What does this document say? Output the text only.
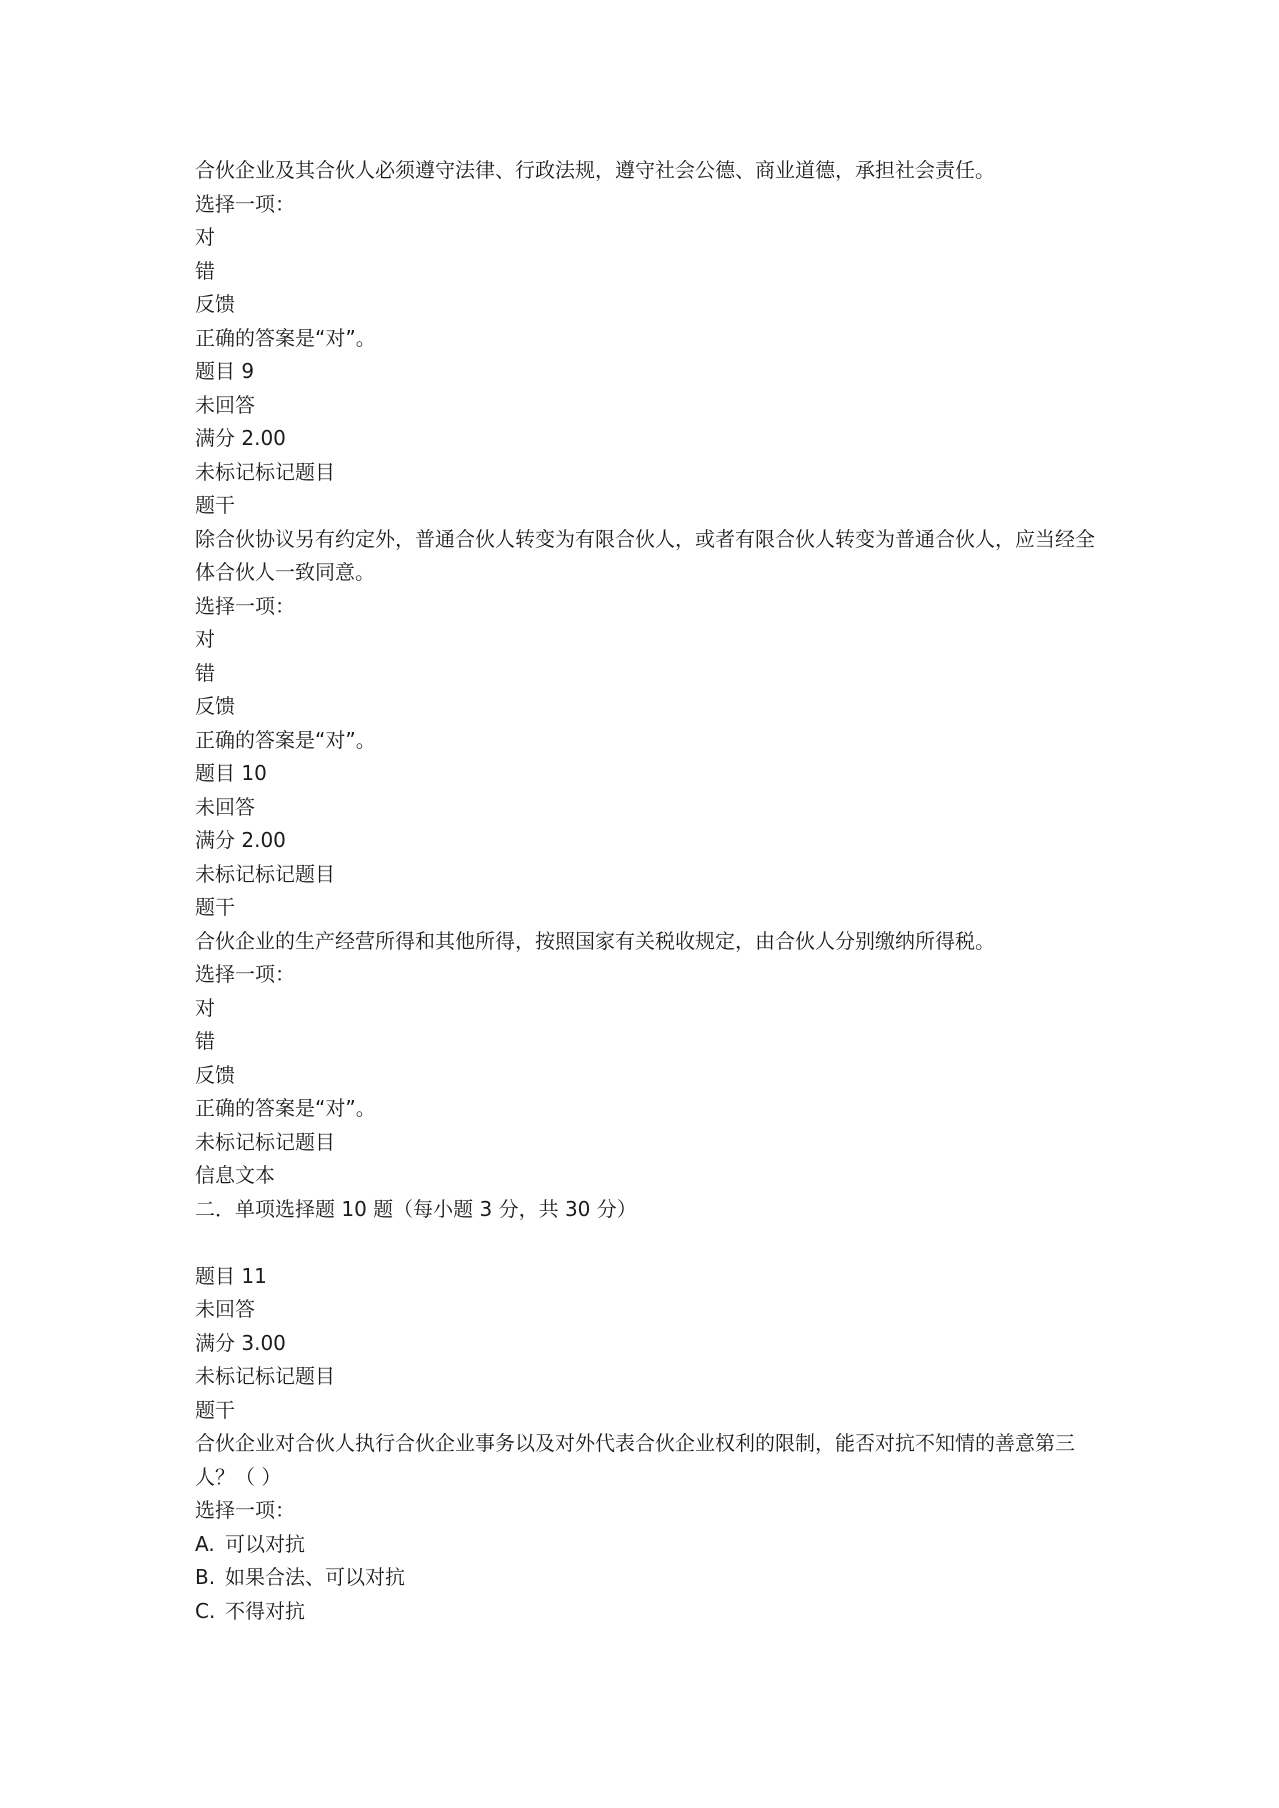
合伙企业及其合伙人必须遵守法律、行政法规，遵守社会公德、商业道德，承担社会责任。
选择一项：
对
错
反馈
正确的答案是“对”。
题目 9
未回答
满分 2.00
未标记标记题目
题干
除合伙协议另有约定外，普通合伙人转变为有限合伙人，或者有限合伙人转变为普通合伙人，应当经全体合伙人一致同意。
选择一项：
对
错
反馈
正确的答案是“对”。
题目 10
未回答
满分 2.00
未标记标记题目
题干
合伙企业的生产经营所得和其他所得，按照国家有关税收规定，由合伙人分别缴纳所得税。
选择一项：
对
错
反馈
正确的答案是“对”。
未标记标记题目
信息文本
二．单项选择题 10 题（每小题 3 分，共 30 分）
题目 11
未回答
满分 3.00
未标记标记题目
题干
合伙企业对合伙人执行合伙企业事务以及对外代表合伙企业权利的限制，能否对抗不知情的善意第三人？（ ）
选择一项：
A. 可以对抗
B. 如果合法、可以对抗
C. 不得对抗
